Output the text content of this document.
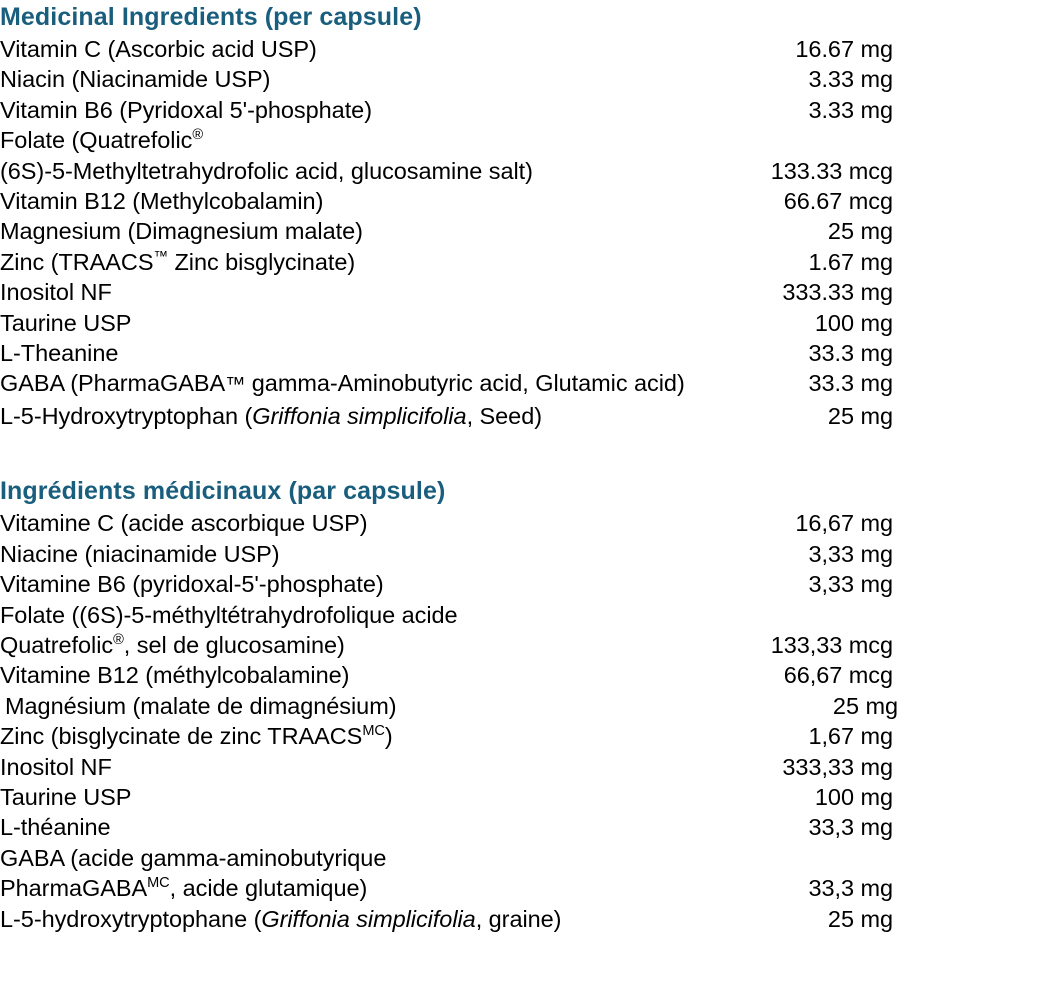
Medicinal Ingredients (per capsule)
Vitamin C (Ascorbic acid USP)	16.67 mg
Niacin (Niacinamide USP)	3.33 mg
Vitamin B6 (Pyridoxal 5'-phosphate)	3.33 mg
Folate (Quatrefolic®
(6S)-5-Methyltetrahydrofolic acid, glucosamine salt)	133.33 mcg
Vitamin B12 (Methylcobalamin)	66.67 mcg
Magnesium (Dimagnesium malate)	25 mg
Zinc (TRAACS™ Zinc bisglycinate)	1.67 mg
Inositol NF	333.33 mg
Taurine USP	100 mg
L-Theanine	33.3 mg
GABA (PharmaGABA™ gamma-Aminobutyric acid, Glutamic acid)	33.3 mg
L-5-Hydroxytryptophan (Griffonia simplicifolia, Seed)	25 mg
Ingrédients médicinaux (par capsule)
Vitamine C (acide ascorbique USP)	16,67 mg
Niacine (niacinamide USP)	3,33 mg
Vitamine B6 (pyridoxal-5'-phosphate)	3,33 mg
Folate ((6S)-5-méthyltétrahydrofolique acide
Quatrefolic®, sel de glucosamine)	133,33 mcg
Vitamine B12 (méthylcobalamine)	66,67 mcg
Magnésium (malate de dimagnésium)	25 mg
Zinc (bisglycinate de zinc $TRAACS^{MC}$)	1,67 mg
Inositol NF	333,33 mg
Taurine USP	100 mg
L-théanine	33,3 mg
GABA (acide gamma-aminobutyrique
PharmaGABA$^{MC}$, acide glutamique)	33,3 mg
L-5-hydroxytryptophane (Griffonia simplicifolia, graine)	25 mg
